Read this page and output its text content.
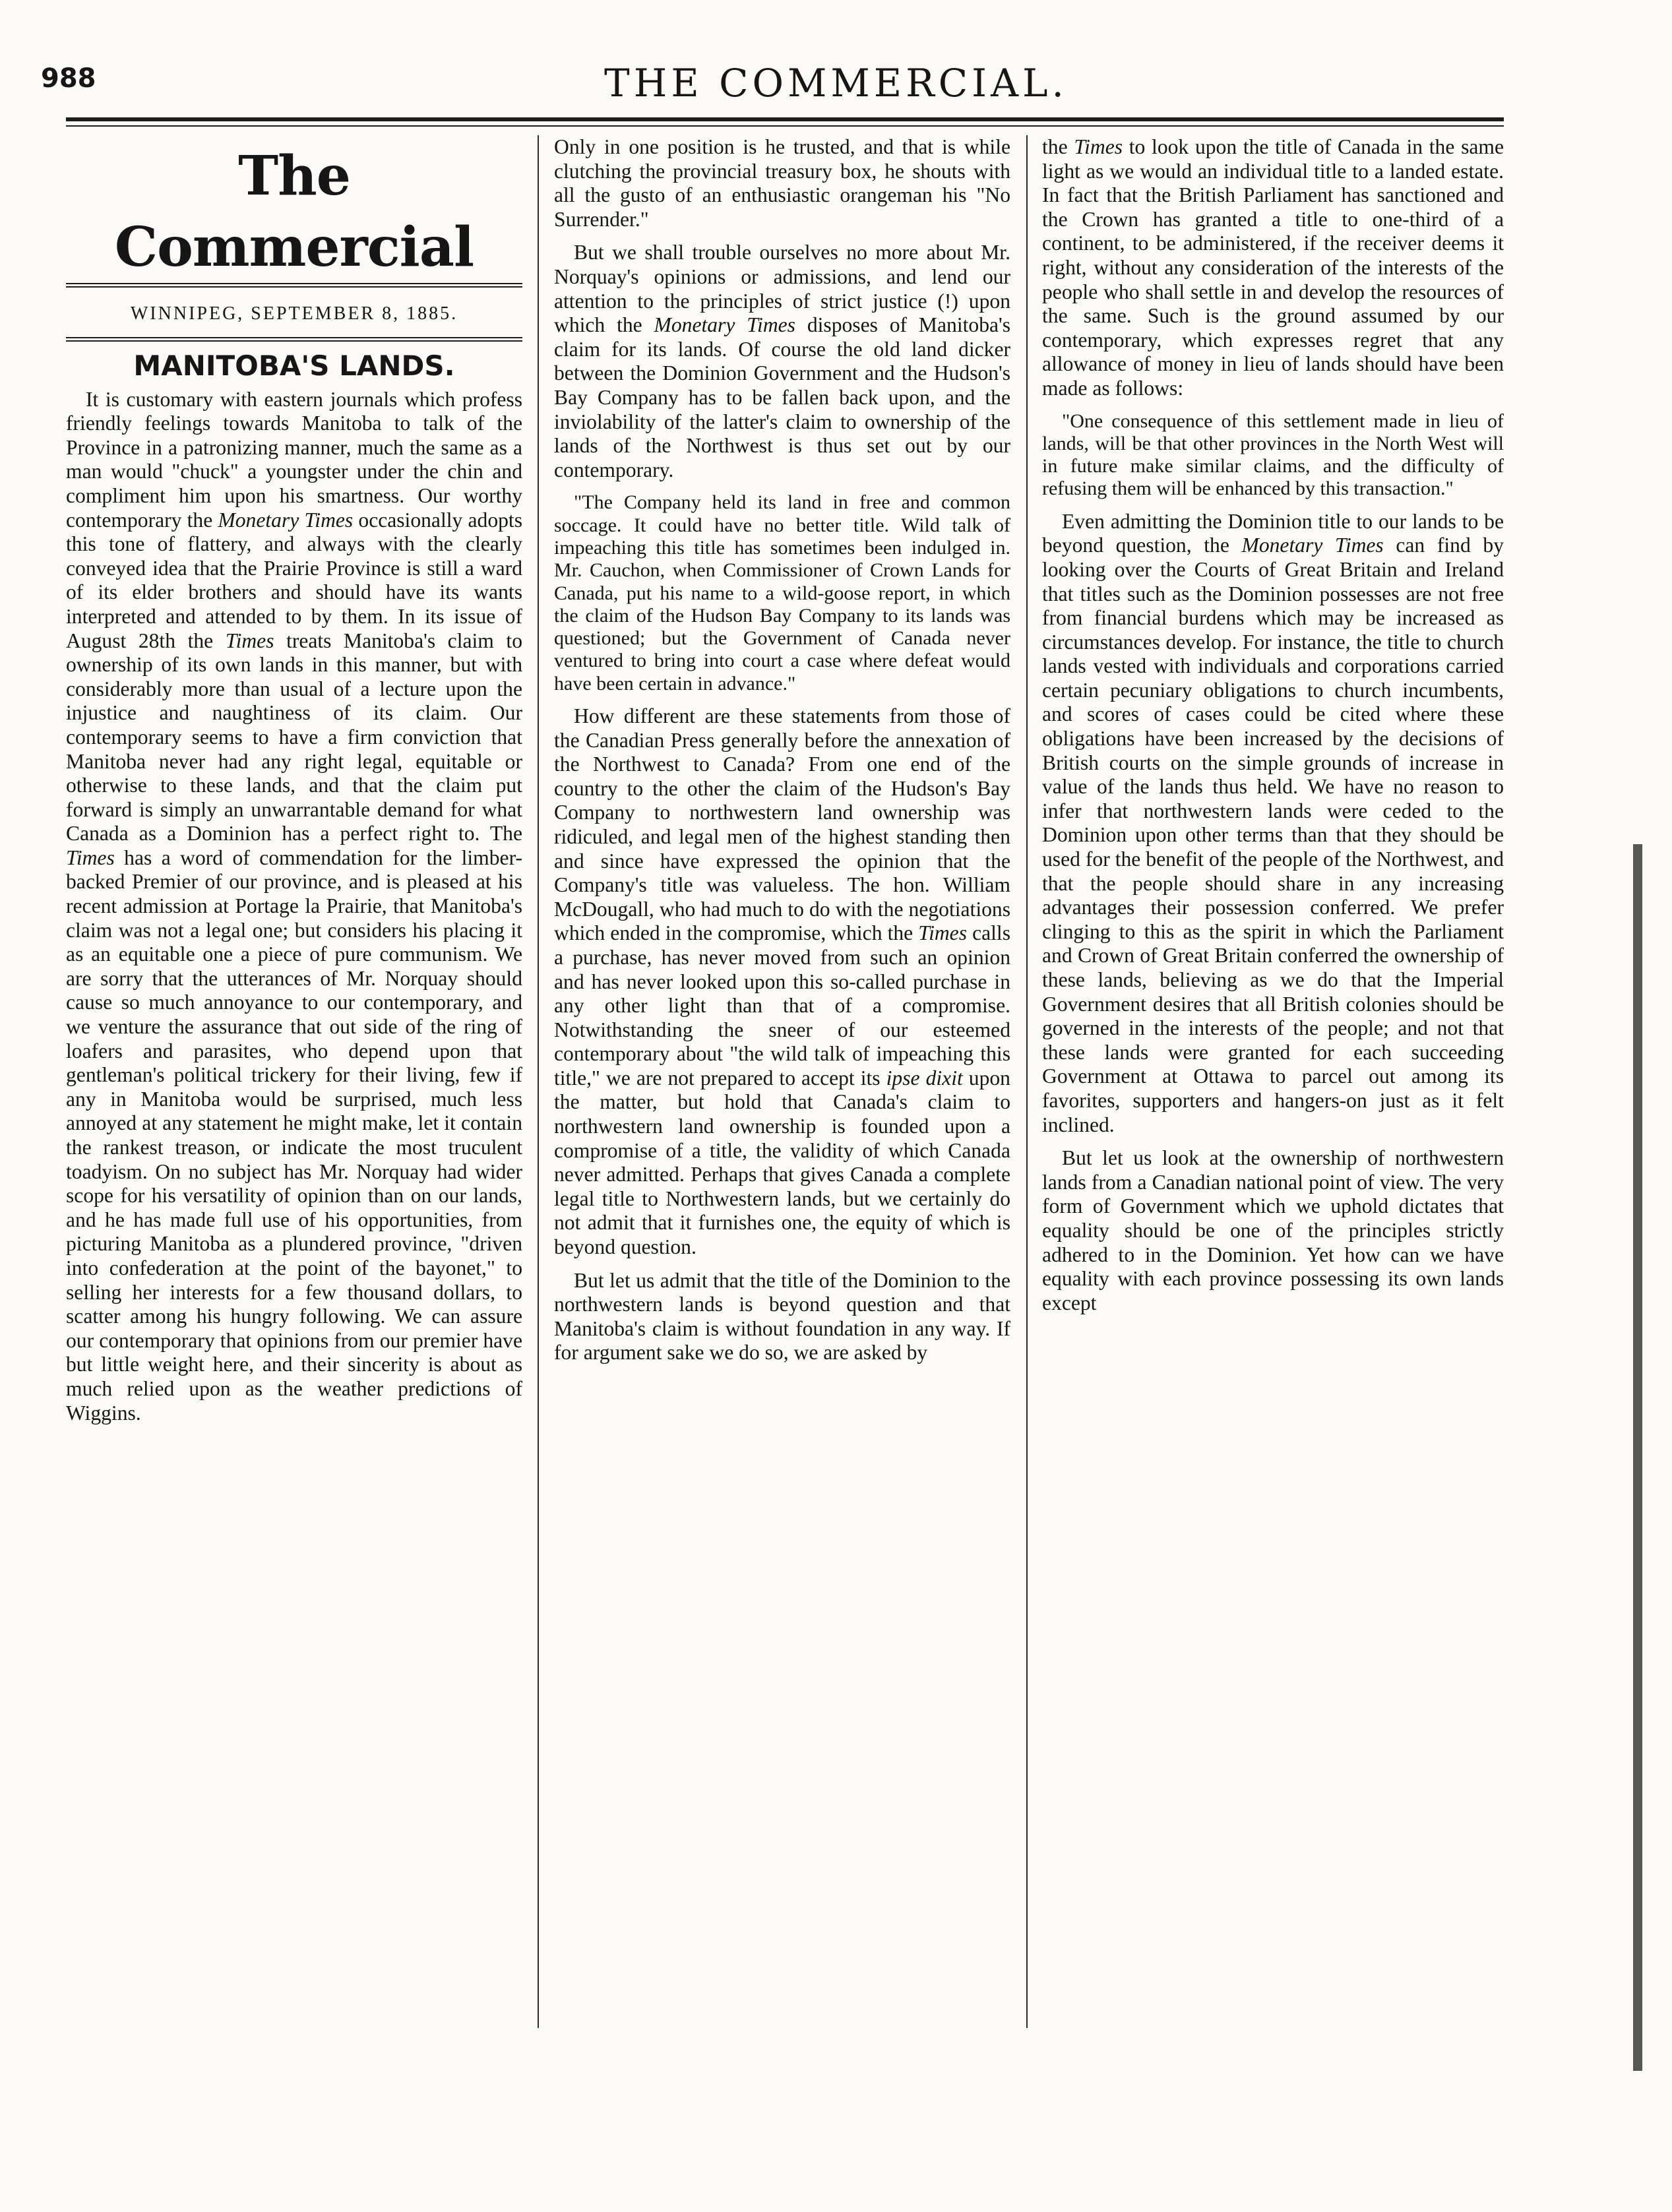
988	THE COMMERCIAL.
The Commercial
WINNIPEG, SEPTEMBER 8, 1885.
MANITOBA'S LANDS.

It is customary with eastern journals which profess friendly feelings towards Manitoba to talk of the Province in a patronizing manner, much the same as a man would "chuck" a youngster under the chin and compliment him upon his smartness. Our worthy contemporary the Monetary Times occasionally adopts this tone of flattery, and always with the clearly conveyed idea that the Prairie Province is still a ward of its elder brothers and should have its wants interpreted and attended to by them. In its issue of August 28th the Times treats Manitoba's claim to ownership of its own lands in this manner, but with considerably more than usual of a lecture upon the injustice and naughtiness of its claim. Our contemporary seems to have a firm conviction that Manitoba never had any right legal, equitable or otherwise to these lands, and that the claim put forward is simply an unwarrantable demand for what Canada as a Dominion has a perfect right to. The Times has a word of commendation for the limber-backed Premier of our province, and is pleased at his recent admission at Portage la Prairie, that Manitoba's claim was not a legal one; but considers his placing it as an equitable one a piece of pure communism. We are sorry that the utterances of Mr. Norquay should cause so much annoyance to our contemporary, and we venture the assurance that out side of the ring of loafers and parasites, who depend upon that gentleman's political trickery for their living, few if any in Manitoba would be surprised, much less annoyed at any statement he might make, let it contain the rankest treason, or indicate the most truculent toadyism. On no subject has Mr. Norquay had wider scope for his versatility of opinion than on our lands, and he has made full use of his opportunities, from picturing Manitoba as a plundered province, "driven into confederation at the point of the bayonet," to selling her interests for a few thousand dollars, to scatter among his hungry following. We can assure our contemporary that opinions from our premier have but little weight here, and their sincerity is about as much relied upon as the weather predictions of Wiggins.

Only in one position is he trusted, and that is while clutching the provincial treasury box, he shouts with all the gusto of an enthusiastic orangeman his "No Surrender."

But we shall trouble ourselves no more about Mr. Norquay's opinions or admissions, and lend our attention to the principles of strict justice (!) upon which the Monetary Times disposes of Manitoba's claim for its lands. Of course the old land dicker between the Dominion Government and the Hudson's Bay Company has to be fallen back upon, and the inviolability of the latter's claim to ownership of the lands of the Northwest is thus set out by our contemporary.

"The Company held its land in free and common soccage. It could have no better title. Wild talk of impeaching this title has sometimes been indulged in. Mr. Cauchon, when Commissioner of Crown Lands for Canada, put his name to a wild-goose report, in which the claim of the Hudson Bay Company to its lands was questioned; but the Government of Canada never ventured to bring into court a case where defeat would have been certain in advance."

How different are these statements from those of the Canadian Press generally before the annexation of the Northwest to Canada? From one end of the country to the other the claim of the Hudson's Bay Company to northwestern land ownership was ridiculed, and legal men of the highest standing then and since have expressed the opinion that the Company's title was valueless. The hon. William McDougall, who had much to do with the negotiations which ended in the compromise, which the Times calls a purchase, has never moved from such an opinion and has never looked upon this so-called purchase in any other light than that of a compromise. Notwithstanding the sneer of our esteemed contemporary about "the wild talk of impeaching this title," we are not prepared to accept its ipse dixit upon the matter, but hold that Canada's claim to northwestern land ownership is founded upon a compromise of a title, the validity of which Canada never admitted. Perhaps that gives Canada a complete legal title to Northwestern lands, but we certainly do not admit that it furnishes one, the equity of which is beyond question.

But let us admit that the title of the Dominion to the northwestern lands is beyond question and that Manitoba's claim is without foundation in any way. If for argument sake we do so, we are asked by

the Times to look upon the title of Canada in the same light as we would an individual title to a landed estate. In fact that the British Parliament has sanctioned and the Crown has granted a title to one-third of a continent, to be administered, if the receiver deems it right, without any consideration of the interests of the people who shall settle in and develop the resources of the same. Such is the ground assumed by our contemporary, which expresses regret that any allowance of money in lieu of lands should have been made as follows:

"One consequence of this settlement made in lieu of lands, will be that other provinces in the North West will in future make similar claims, and the difficulty of refusing them will be enhanced by this transaction."

Even admitting the Dominion title to our lands to be beyond question, the Monetary Times can find by looking over the Courts of Great Britain and Ireland that titles such as the Dominion possesses are not free from financial burdens which may be increased as circumstances develop. For instance, the title to church lands vested with individuals and corporations carried certain pecuniary obligations to church incumbents, and scores of cases could be cited where these obligations have been increased by the decisions of British courts on the simple grounds of increase in value of the lands thus held. We have no reason to infer that northwestern lands were ceded to the Dominion upon other terms than that they should be used for the benefit of the people of the Northwest, and that the people should share in any increasing advantages their possession conferred. We prefer clinging to this as the spirit in which the Parliament and Crown of Great Britain conferred the ownership of these lands, believing as we do that the Imperial Government desires that all British colonies should be governed in the interests of the people; and not that these lands were granted for each succeeding Government at Ottawa to parcel out among its favorites, supporters and hangers-on just as it felt inclined.

But let us look at the ownership of northwestern lands from a Canadian national point of view. The very form of Government which we uphold dictates that equality should be one of the principles strictly adhered to in the Dominion. Yet how can we have equality with each province possessing its own lands except
